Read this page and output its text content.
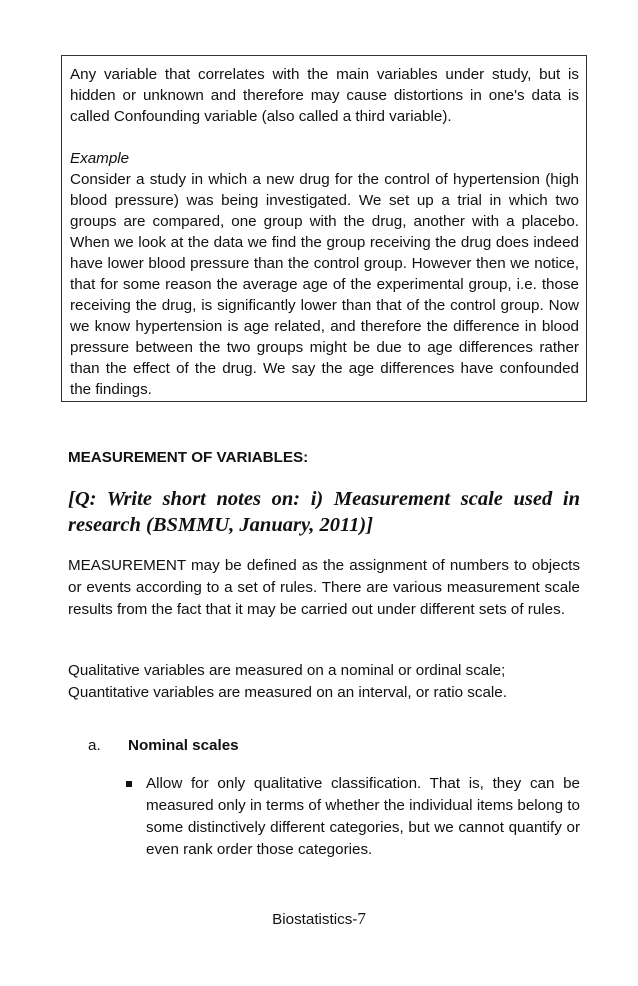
Any variable that correlates with the main variables under study, but is hidden or unknown and therefore may cause distortions in one's data is called Confounding variable (also called a third variable).

Example

Consider a study in which a new drug for the control of hypertension (high blood pressure) was being investigated. We set up a trial in which two groups are compared, one group with the drug, another with a placebo. When we look at the data we find the group receiving the drug does indeed have lower blood pressure than the control group. However then we notice, that for some reason the average age of the experimental group, i.e. those receiving the drug, is significantly lower than that of the control group. Now we know hypertension is age related, and therefore the difference in blood pressure between the two groups might be due to age differences rather than the effect of the drug. We say the age differences have confounded the findings.

MEASUREMENT OF VARIABLES:

[Q: Write short notes on: i) Measurement scale used in research (BSMMU, January, 2011)]

MEASUREMENT may be defined as the assignment of numbers to objects or events according to a set of rules. There are various measurement scale results from the fact that it may be carried out under different sets of rules.

Qualitative variables are measured on a nominal or ordinal scale;
Quantitative variables are measured on an interval, or ratio scale.

a. Nominal scales

Allow for only qualitative classification. That is, they can be measured only in terms of whether the individual items belong to some distinctively different categories, but we cannot quantify or even rank order those categories.

Biostatistics-7
